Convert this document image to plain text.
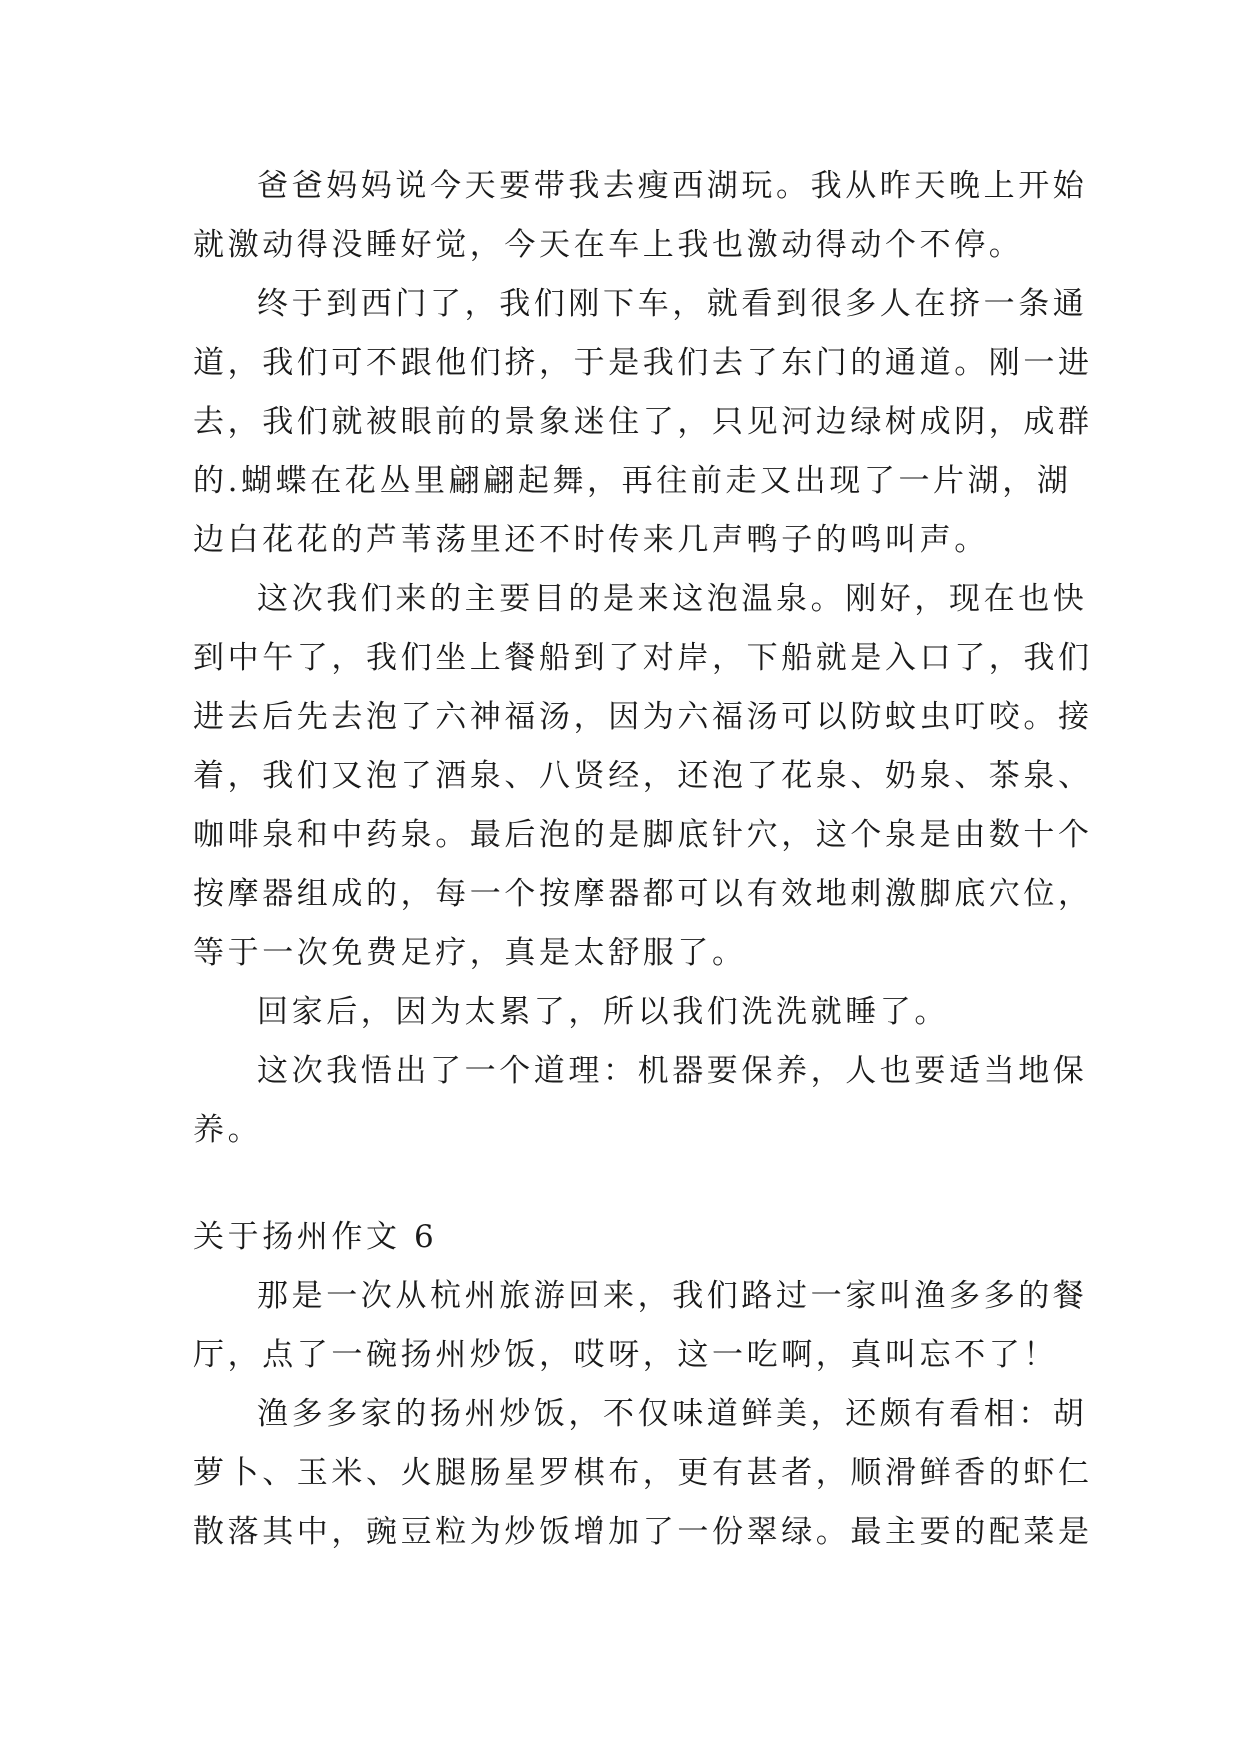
爸爸妈妈说今天要带我去瘦西湖玩。我从昨天晚上开始
就激动得没睡好觉，今天在车上我也激动得动个不停。
终于到西门了，我们刚下车，就看到很多人在挤一条通
道，我们可不跟他们挤，于是我们去了东门的通道。刚一进
去，我们就被眼前的景象迷住了，只见河边绿树成阴，成群
的.蝴蝶在花丛里翩翩起舞，再往前走又出现了一片湖，湖
边白花花的芦苇荡里还不时传来几声鸭子的鸣叫声。
这次我们来的主要目的是来这泡温泉。刚好，现在也快
到中午了，我们坐上餐船到了对岸，下船就是入口了，我们
进去后先去泡了六神福汤，因为六福汤可以防蚊虫叮咬。接
着，我们又泡了酒泉、八贤经，还泡了花泉、奶泉、茶泉、
咖啡泉和中药泉。最后泡的是脚底针穴，这个泉是由数十个
按摩器组成的，每一个按摩器都可以有效地刺激脚底穴位，
等于一次免费足疗，真是太舒服了。
回家后，因为太累了，所以我们洗洗就睡了。
这次我悟出了一个道理：机器要保养，人也要适当地保
养。
关于扬州作文 6
那是一次从杭州旅游回来，我们路过一家叫渔多多的餐
厅，点了一碗扬州炒饭，哎呀，这一吃啊，真叫忘不了！
渔多多家的扬州炒饭，不仅味道鲜美，还颇有看相：胡
萝卜、玉米、火腿肠星罗棋布，更有甚者，顺滑鲜香的虾仁
散落其中，豌豆粒为炒饭增加了一份翠绿。最主要的配菜是
